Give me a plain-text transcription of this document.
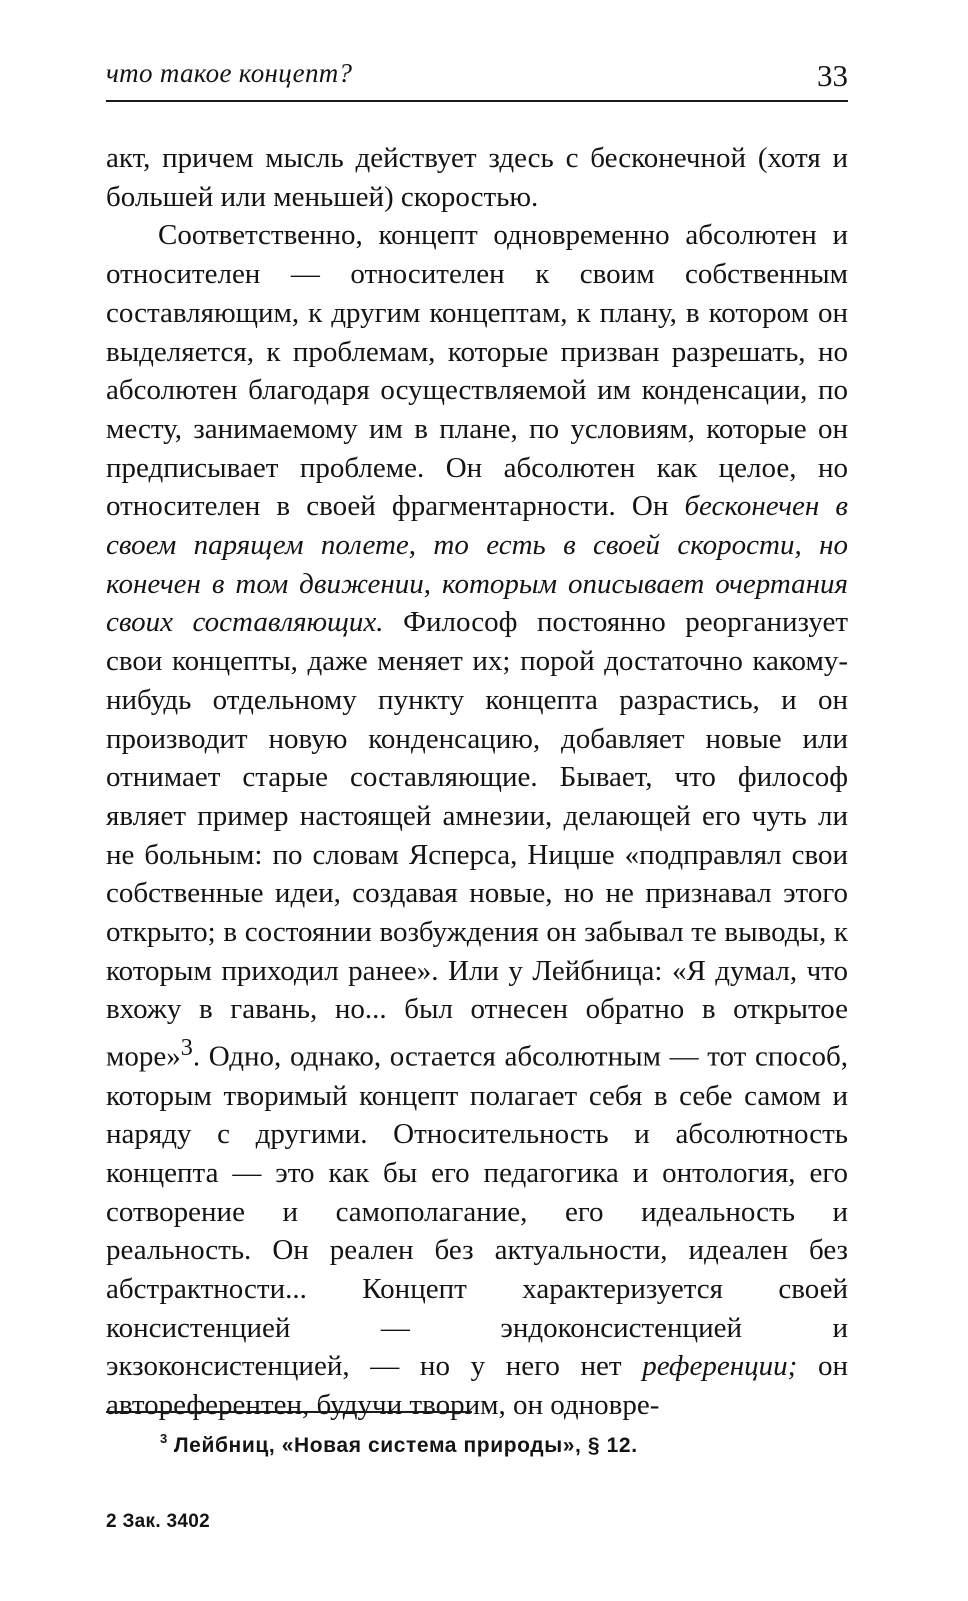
что такое концепт?	33

акт, причем мысль действует здесь с бесконечной (хотя и большей или меньшей) скоростью.

Соответственно, концепт одновременно абсолютен и относителен — относителен к своим собственным составляющим, к другим концептам, к плану, в котором он выделяется, к проблемам, которые призван разрешать, но абсолютен благодаря осуществляемой им конденсации, по месту, занимаемому им в плане, по условиям, которые он предписывает проблеме. Он абсолютен как целое, но относителен в своей фрагментарности. Он бесконечен в своем парящем полете, то есть в своей скорости, но конечен в том движении, которым описывает очертания своих составляющих. Философ постоянно реорганизует свои концепты, даже меняет их; порой достаточно какому-нибудь отдельному пункту концепта разрастись, и он производит новую конденсацию, добавляет новые или отнимает старые составляющие. Бывает, что философ являет пример настоящей амнезии, делающей его чуть ли не больным: по словам Ясперса, Ницше «подправлял свои собственные идеи, создавая новые, но не признавал этого открыто; в состоянии возбуждения он забывал те выводы, к которым приходил ранее». Или у Лейбница: «Я думал, что вхожу в гавань, но... был отнесен обратно в открытое море»$^3$. Одно, однако, остается абсолютным — тот способ, которым творимый концепт полагает себя в себе самом и наряду с другими. Относительность и абсолютность концепта — это как бы его педагогика и онтология, его сотворение и самополагание, его идеальность и реальность. Он реален без актуальности, идеален без абстрактности... Концепт характеризуется своей консистенцией — эндоконсистенцией и экзоконсистенцией, — но у него нет референции; он автореферентен, будучи творим, он одновре-

$^3$ Лейбниц, «Новая система природы», § 12.
2 Зак. 3402
